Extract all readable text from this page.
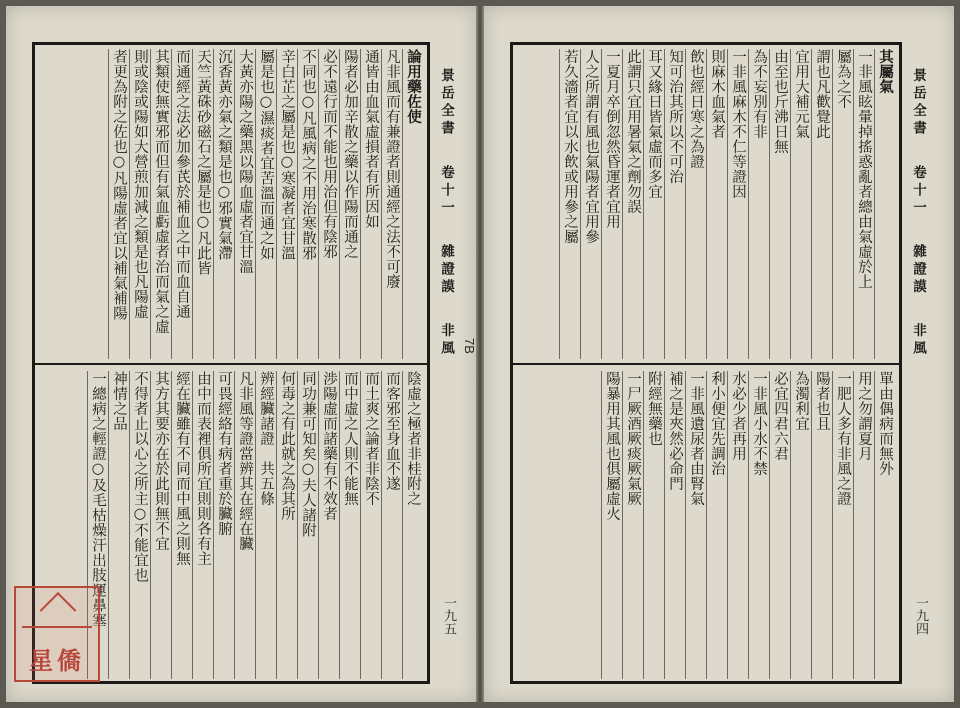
論用藥佐使
凡非風而有兼證者則通經之法不可廢
通皆由血氣虛損者有所因如
陽者必加辛散之藥以作陽而通之
必不遠行而不能也用治但有陰邪
不同也○凡風病之不用治寒散邪
辛白芷之屬是也○寒凝者宜甘溫
屬是也○濕痰者宜苦溫而通之如
大黃亦陽之藥黑以陽血虛者宜甘溫
沉香黃亦氣之類是也○邪實氣滯
天竺黃硃砂磁石之屬是也○凡此皆
而通經之法必加參芪於補血之中而血自通
其類使無實邪而但有氣血虧虛者治而氣之虛
則或陰或陽如大營煎加減之類是也凡陽虛
者更為附之佐也○凡陽虛者宜以補氣補陽
陰虛之極者非桂附之
而客邪至身血不遂
而土爽之論者非陰不
而中虛之人則不能無
渉陽虛而諸藥有不效者
同功兼可知矣○夫人諸附
何毒之有此就之為其所
辨經臟諸證　共五條
凡非風等證當辨其在經在臟
可畏經絡有病者重於臟腑
由中而表裡俱所宜則則各有主
經在臟雖有不同而中風之則無
其方其要亦在於此則無不宜
不得者止以心之所主○不能宜也
神情之品
一總病之輕證○及毛枯燥汗出肢運鼻塞
景岳全書 卷十一 雜證謨 非風
一九五
星僑
7B
其屬氣
一非風眩暈掉搖惑亂者總由氣虛於上
屬為之不
謂也凡歡覺此
宜用大補元氣
由至也斤沸日無
為不妄別有非
一非風麻木不仁等證因
則麻木血氣者
飲也經日寒之為證
知可治其所以不可治
耳又緣日皆氣虛而多宜
此謂只宜用暑氣之劑勿誤
一夏月卒倒忽然昏運者宜用
人之所謂有風也氣陽者宜用參
若久濇者宜以水飲或用參之屬
單由偶病而無外
用之勿謂夏月
一肥人多有非風之證
陽者也且
為濁利宜
必宜四君六君
一非風小水不禁
水必少者再用
利小便宜先調治
一非風遺尿者由腎氣
補之是夾然必命門
附經無藥也
一尸厥酒厥痰厥氣厥
陽暴用其風也俱屬虛火
景岳全書 卷十一 雜證謨 非風
一九四
